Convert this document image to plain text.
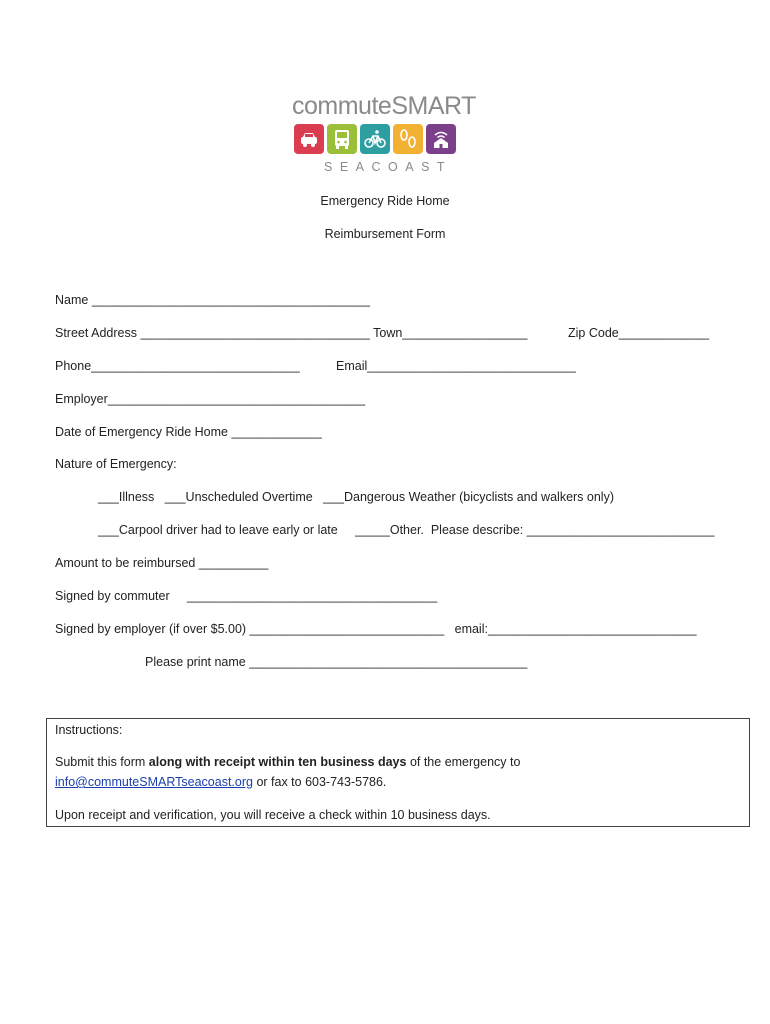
commuteSMART
SEACOAST
Emergency Ride Home
Reimbursement Form
Name ________________________________________
Street Address _________________________________ Town__________________	Zip Code_____________
Phone______________________________	Email______________________________
Employer_____________________________________
Date of Emergency Ride Home _____________
Nature of Emergency:
___Illness   ___Unscheduled Overtime   ___Dangerous Weather (bicyclists and walkers only)
___Carpool driver had to leave early or late     _____Other.  Please describe: ___________________________
Amount to be reimbursed __________
Signed by commuter     ____________________________________
Signed by employer (if over $5.00) ____________________________   email:______________________________
Please print name ________________________________________
Instructions:
Submit this form along with receipt within ten business days of the emergency to
info@commuteSMARTseacoast.org or fax to 603-743-5786.
Upon receipt and verification, you will receive a check within 10 business days.
